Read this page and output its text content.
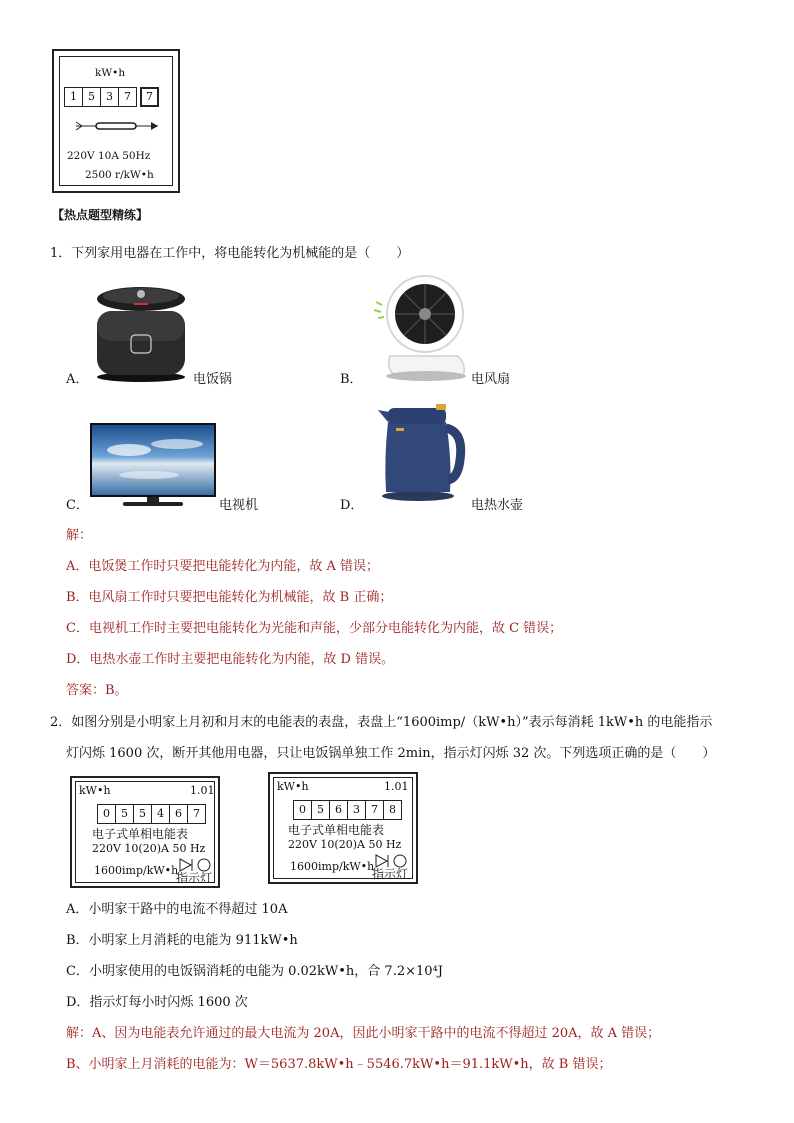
kW•h
1	5	3	7	7
220V 10A 50Hz
2500 r/kW•h
【热点题型精练】
1．下列家用电器在工作中，将电能转化为机械能的是（　　）
A．	电饭锅	B．	电风扇
C．	电视机	D．	电热水壶
解：
A．电饭煲工作时只要把电能转化为内能，故 A 错误；
B．电风扇工作时只要把电能转化为机械能，故 B 正确；
C．电视机工作时主要把电能转化为光能和声能，少部分电能转化为内能，故 C 错误；
D．电热水壶工作时主要把电能转化为内能，故 D 错误。
答案：B。
2．如图分别是小明家上月初和月末的电能表的表盘，表盘上“1600imp/（kW•h）”表示每消耗 1kW•h 的电能指示
灯闪烁 1600 次，断开其他用电器，只让电饭锅单独工作 2min，指示灯闪烁 32 次。下列选项正确的是（　　）
kW•h	1.01
0	5	5	4	6	7
电子式单相电能表
220V 10(20)A 50 Hz
1600imp/kW•h
指示灯
kW•h	1.01
0	5	6	3	7	8
电子式单相电能表
220V 10(20)A 50 Hz
1600imp/kW•h
指示灯
A．小明家干路中的电流不得超过 10A
B．小明家上月消耗的电能为 911kW•h
C．小明家使用的电饭锅消耗的电能为 0.02kW•h，合 7.2×10⁴J
D．指示灯每小时闪烁 1600 次
解：A、因为电能表允许通过的最大电流为 20A，因此小明家干路中的电流不得超过 20A，故 A 错误；
B、小明家上月消耗的电能为：W＝5637.8kW•h﹣5546.7kW•h＝91.1kW•h，故 B 错误；
